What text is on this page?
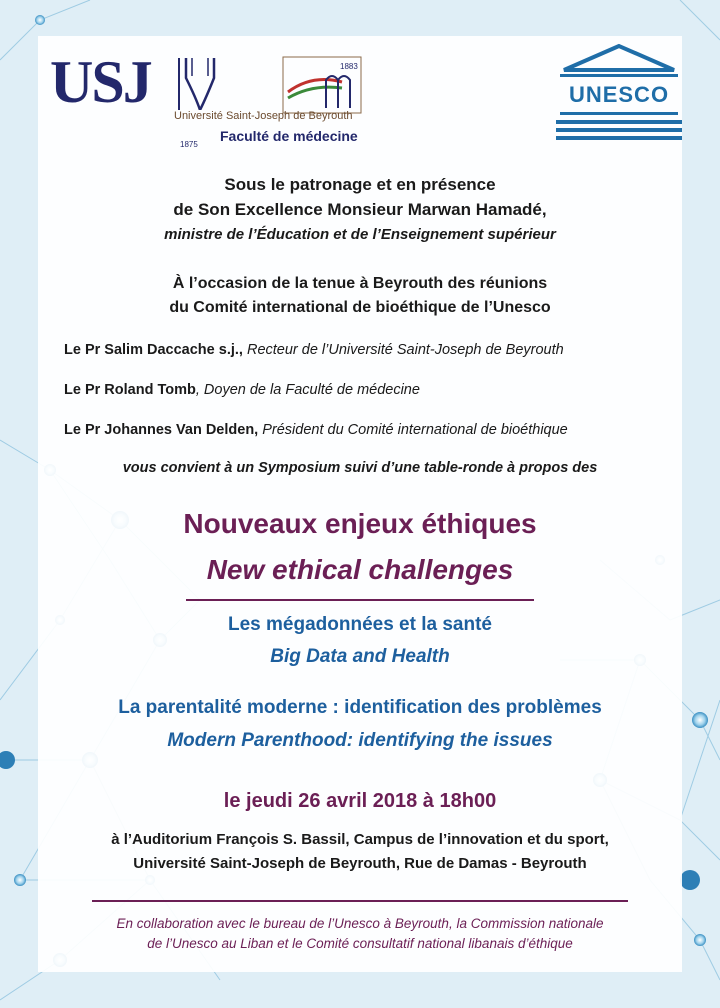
USJ
1875
1883
Université Saint-Joseph de Beyrouth
Faculté de médecine
UNESCO
Sous le patronage et en présence
de Son Excellence Monsieur Marwan Hamadé,
ministre de l’Éducation et de l’Enseignement supérieur
À l’occasion de la tenue à Beyrouth des réunions
du Comité international de bioéthique de l’Unesco

Le Pr Salim Daccache s.j., Recteur de l’Université Saint-Joseph de Beyrouth

Le Pr Roland Tomb, Doyen de la Faculté de médecine

Le Pr Johannes Van Delden, Président du Comité international de bioéthique

vous convient à un Symposium suivi d’une table-ronde à propos des
Nouveaux enjeux éthiques
New ethical challenges
Les mégadonnées et la santé
Big Data and Health
La parentalité moderne : identification des problèmes
Modern Parenthood: identifying the issues
le jeudi 26 avril 2018 à 18h00
à l’Auditorium François S. Bassil, Campus de l’innovation et du sport,
Université Saint-Joseph de Beyrouth, Rue de Damas - Beyrouth
En collaboration avec le bureau de l’Unesco à Beyrouth, la Commission nationale
de l’Unesco au Liban et le Comité consultatif national libanais d’éthique
